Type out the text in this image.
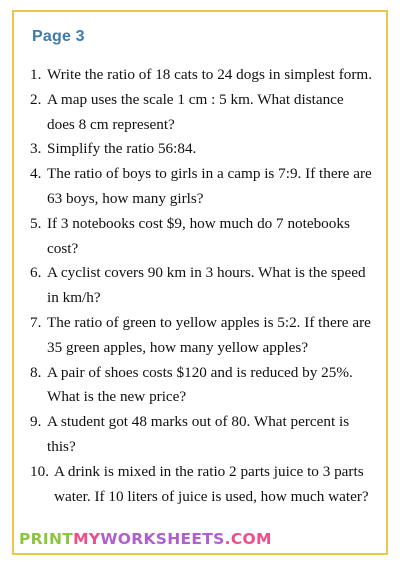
Page 3
1. Write the ratio of 18 cats to 24 dogs in simplest form.
2. A map uses the scale 1 cm : 5 km. What distance does 8 cm represent?
3. Simplify the ratio 56:84.
4. The ratio of boys to girls in a camp is 7:9. If there are 63 boys, how many girls?
5. If 3 notebooks cost $9, how much do 7 notebooks cost?
6. A cyclist covers 90 km in 3 hours. What is the speed in km/h?
7. The ratio of green to yellow apples is 5:2. If there are 35 green apples, how many yellow apples?
8. A pair of shoes costs $120 and is reduced by 25%. What is the new price?
9. A student got 48 marks out of 80. What percent is this?
10. A drink is mixed in the ratio 2 parts juice to 3 parts water. If 10 liters of juice is used, how much water?
PRINTMYWORKSHEETS.COM
